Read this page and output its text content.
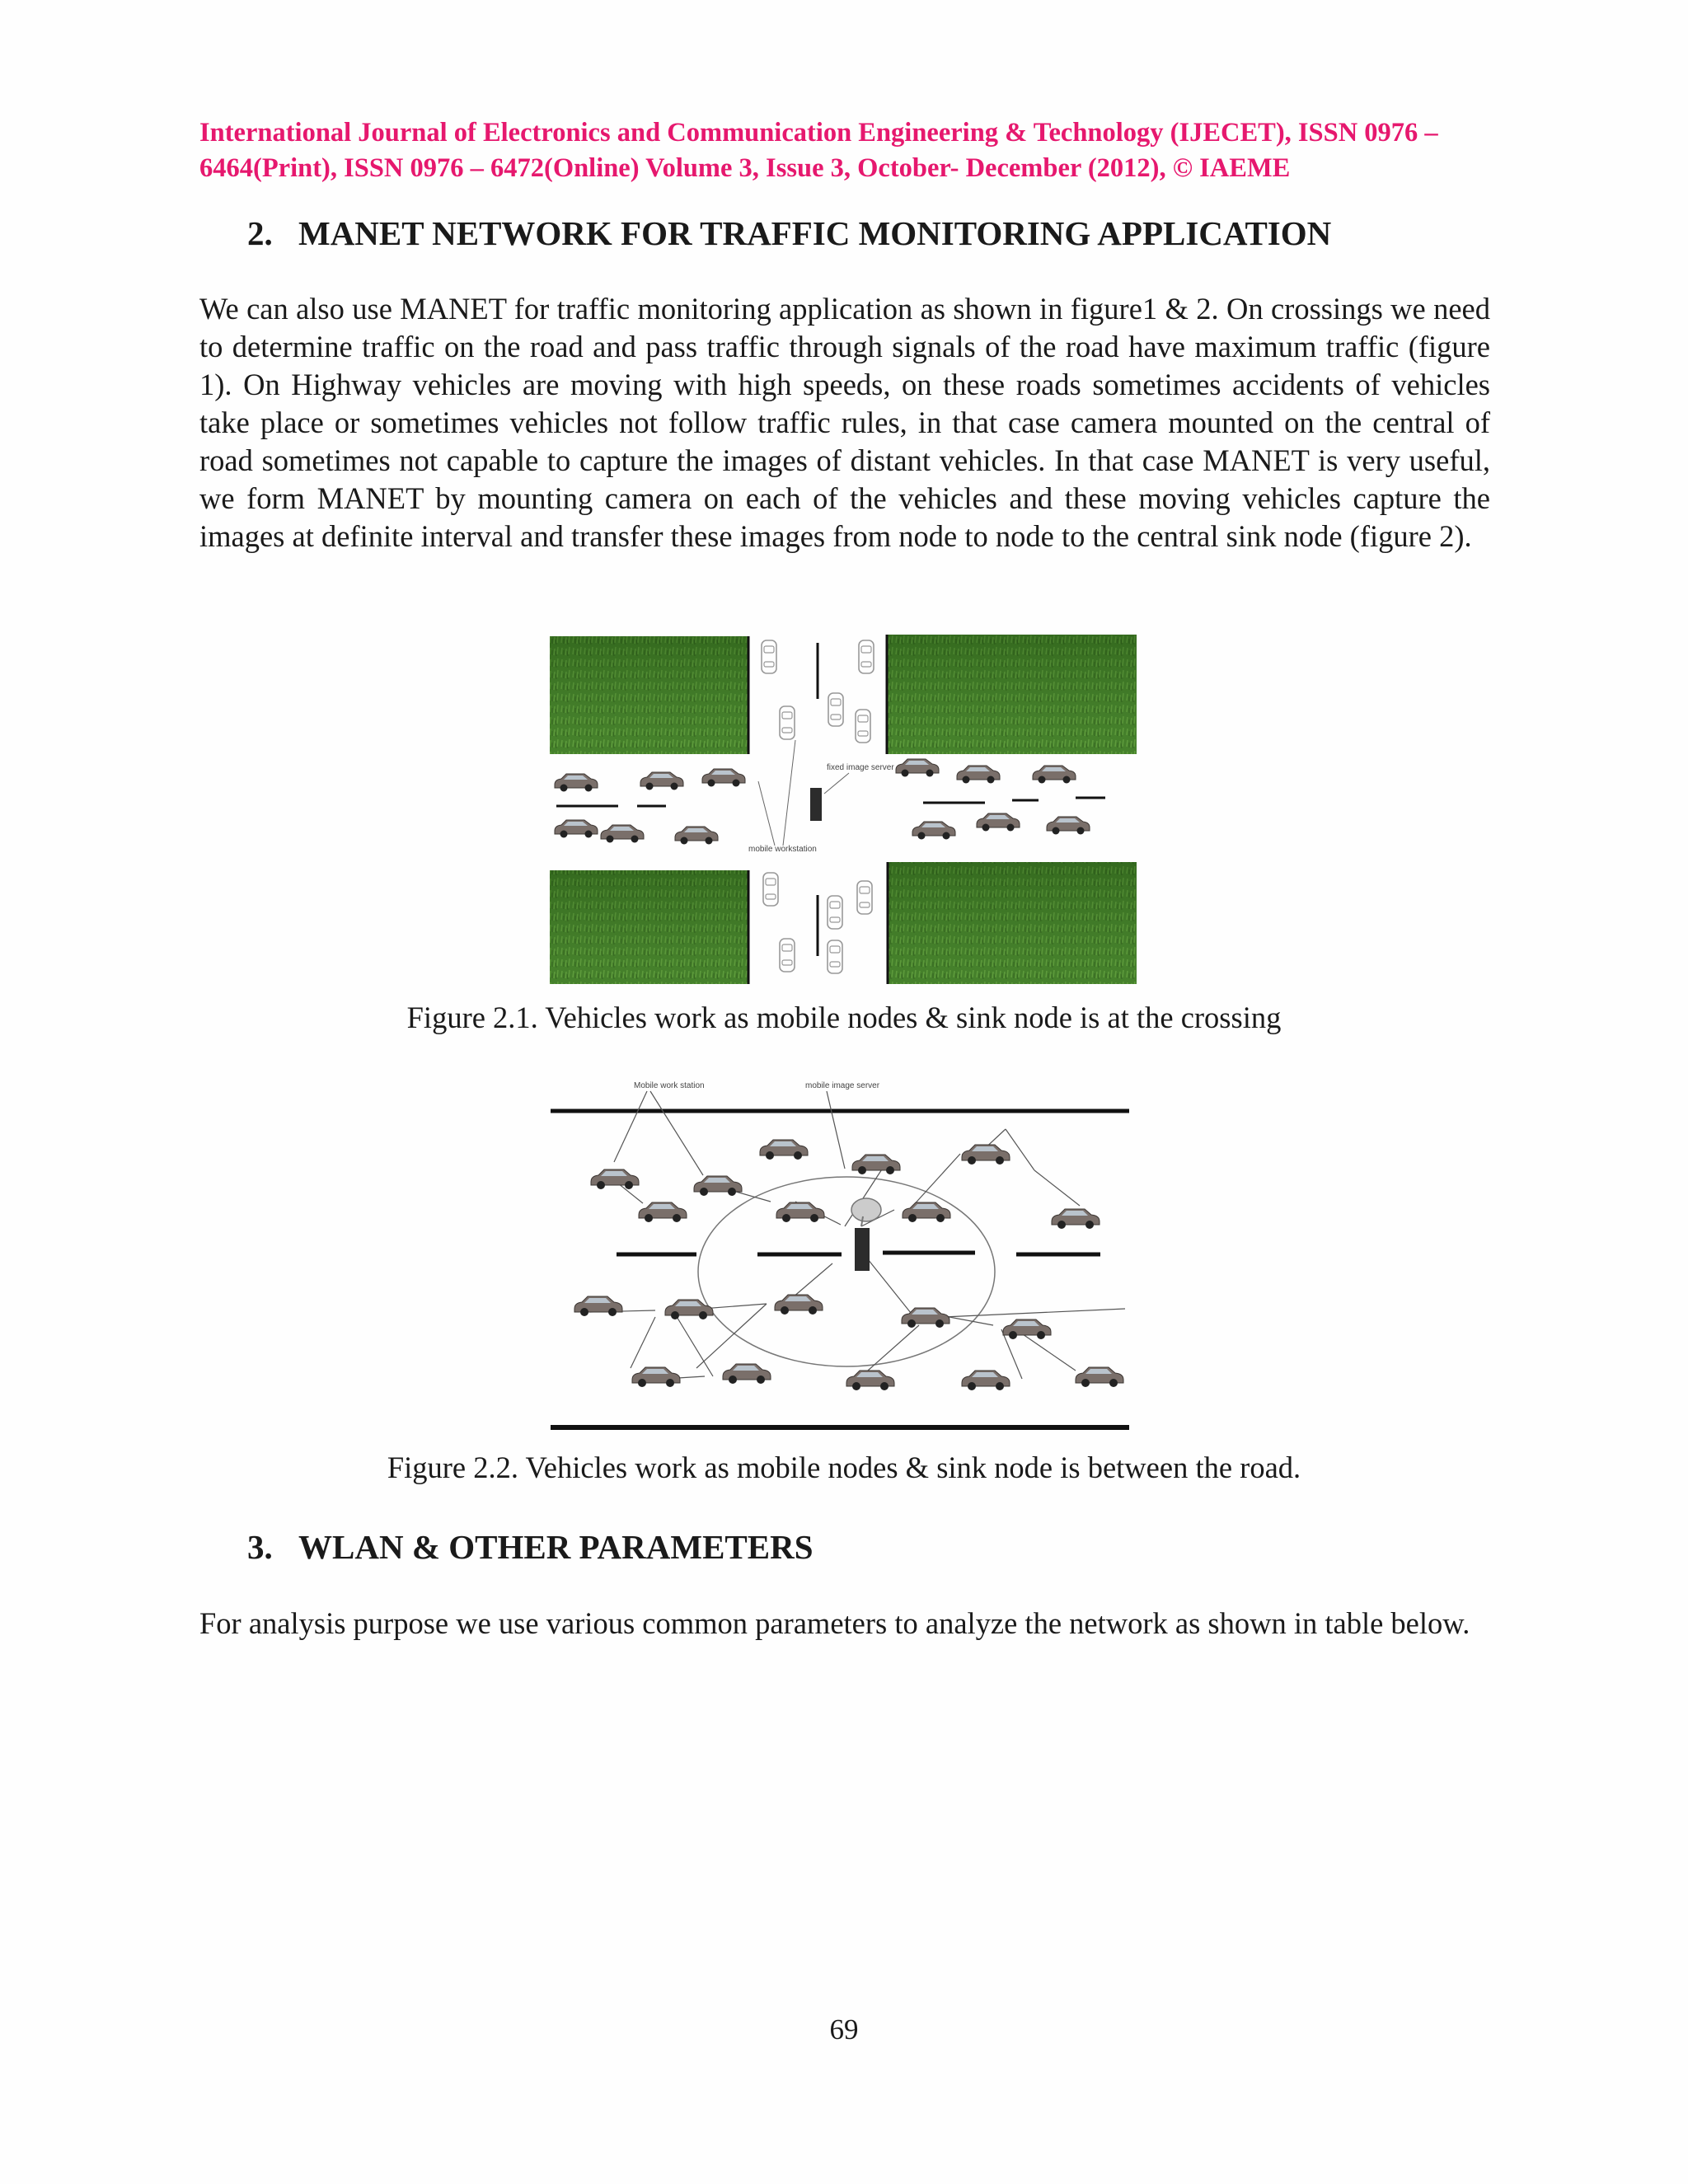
International Journal of Electronics and Communication Engineering & Technology (IJECET), ISSN 0976 –
6464(Print), ISSN 0976 – 6472(Online) Volume 3, Issue 3, October- December (2012), © IAEME
2. MANET NETWORK FOR TRAFFIC MONITORING APPLICATION
We can also use MANET for traffic monitoring application as shown in figure1 & 2. On crossings we need to determine traffic on the road and pass traffic through signals of the road have maximum traffic (figure 1). On Highway vehicles are moving with high speeds, on these roads sometimes accidents of vehicles take place or sometimes vehicles not follow traffic rules, in that case camera mounted on the central of road sometimes not capable to capture the images of distant vehicles. In that case MANET is very useful, we form MANET by mounting camera on each of the vehicles and these moving vehicles capture the images at definite interval and transfer these images from node to node to the central sink node (figure 2).
fixed image server
mobile workstation
Figure 2.1. Vehicles work as mobile nodes & sink node is at the crossing
Mobile work station	mobile image server
Figure 2.2. Vehicles work as mobile nodes & sink node is between the road.
3. WLAN & OTHER PARAMETERS
For analysis purpose we use various common parameters to analyze the network as shown in table below.
69
